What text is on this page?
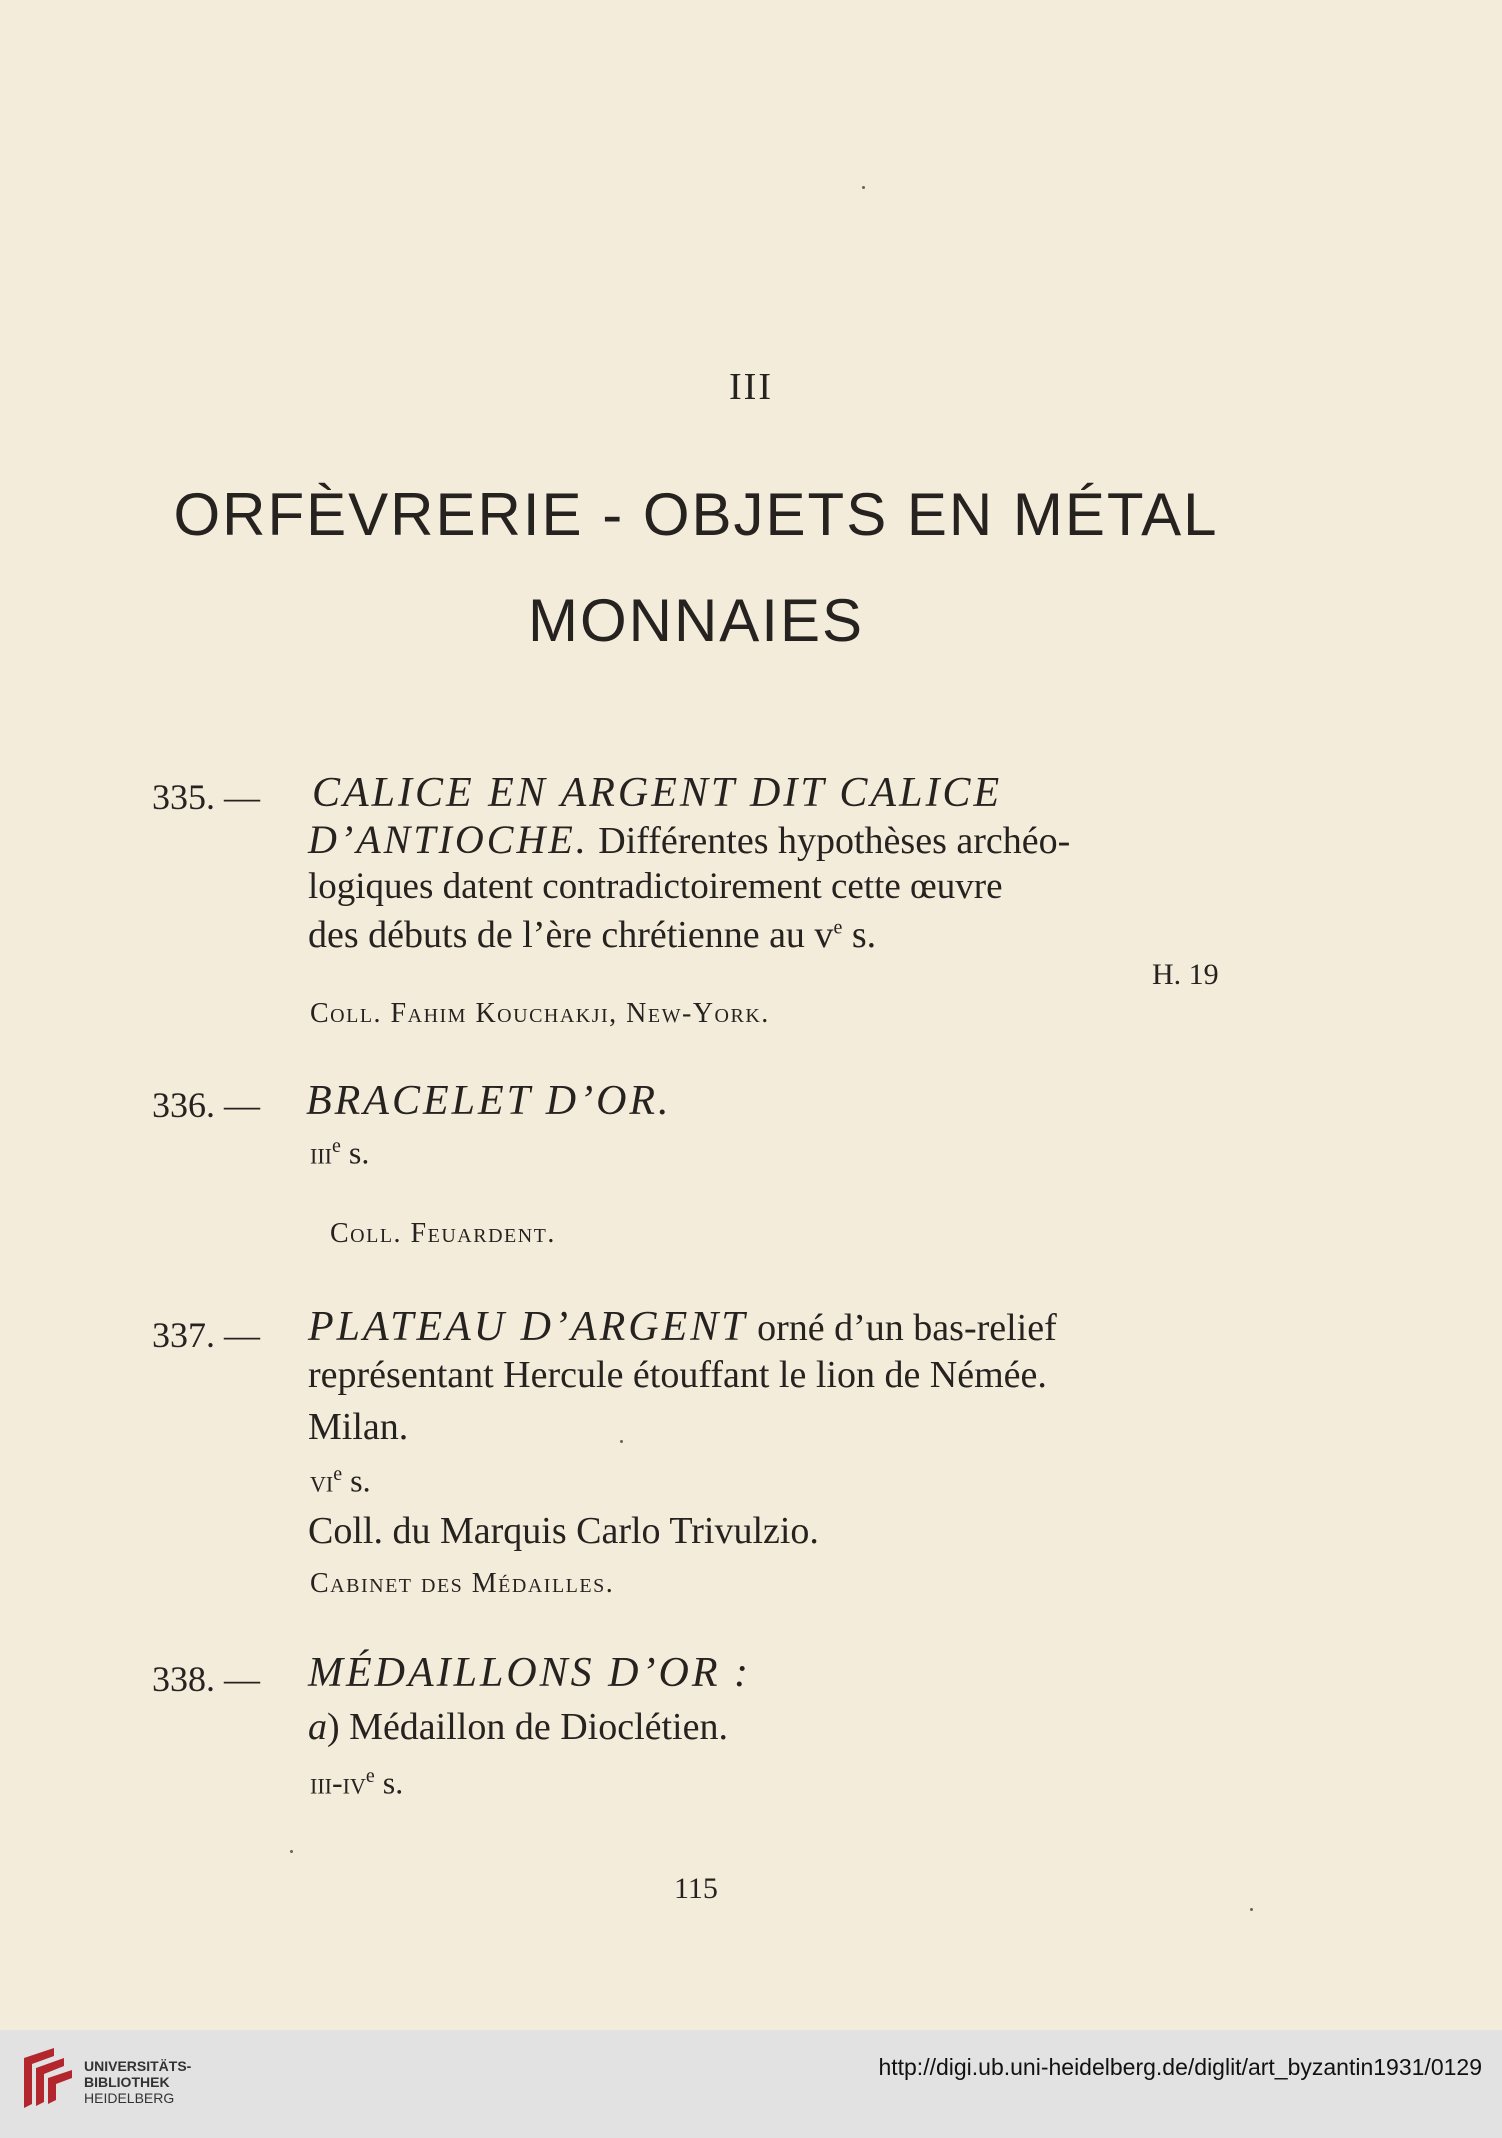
III
ORFÈVRERIE - OBJETS EN MÉTAL
MONNAIES
335. — CALICE EN ARGENT DIT CALICE
D’ANTIOCHE. Différentes hypothèses archéo-
logiques datent contradictoirement cette œuvre
des débuts de l’ère chrétienne au $v^e$ s.
H. 19
Coll. Fahim Kouchakji, New-York.
336. — BRACELET D’OR.
iii$^e$ s.
Coll. Feuardent.
337. — PLATEAU D’ARGENT orné d’un bas-relief
représentant Hercule étouffant le lion de Némée.
Milan.
$vi^e$ s.
Coll. du Marquis Carlo Trivulzio.
Cabinet des Médailles.
338. — MÉDAILLONS D’OR :
a) Médaillon de Dioclétien.
iii-$iv^e$ s.
115
UNIVERSITÄTS-
BIBLIOTHEK
HEIDELBERG
http://digi.ub.uni-heidelberg.de/diglit/art_byzantin1931/0129
